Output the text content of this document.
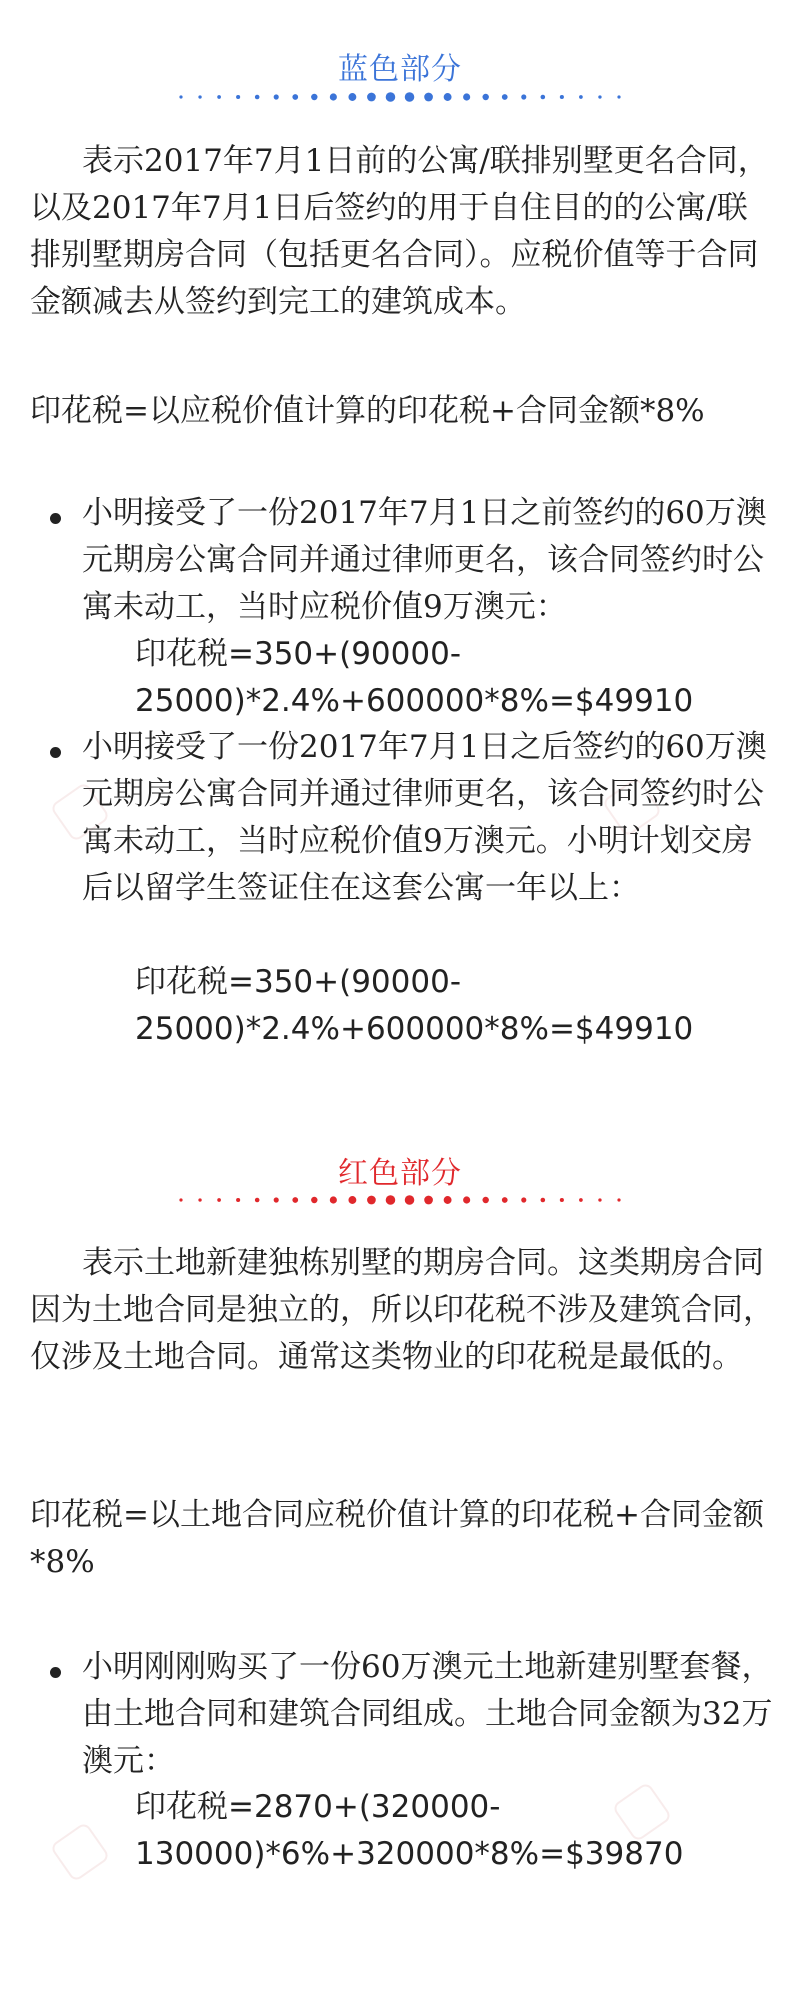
蓝色部分

表示2017年7月1日前的公寓/联排别墅更名合同，以及2017年7月1日后签约的用于自住目的的公寓/联排别墅期房合同（包括更名合同）。应税价值等于合同金额减去从签约到完工的建筑成本。

印花税=以应税价值计算的印花税+合同金额*8%

小明接受了一份2017年7月1日之前签约的60万澳元期房公寓合同并通过律师更名，该合同签约时公寓未动工，当时应税价值9万澳元：
印花税=350+(90000-
25000)*2.4%+600000*8%=$49910
小明接受了一份2017年7月1日之后签约的60万澳元期房公寓合同并通过律师更名，该合同签约时公寓未动工，当时应税价值9万澳元。小明计划交房后以留学生签证住在这套公寓一年以上：
印花税=350+(90000-
25000)*2.4%+600000*8%=$49910
红色部分

表示土地新建独栋别墅的期房合同。这类期房合同因为土地合同是独立的，所以印花税不涉及建筑合同，仅涉及土地合同。通常这类物业的印花税是最低的。

印花税=以土地合同应税价值计算的印花税+合同金额*8%

小明刚刚购买了一份60万澳元土地新建别墅套餐，由土地合同和建筑合同组成。土地合同金额为32万澳元：
印花税=2870+(320000-
130000)*6%+320000*8%=$39870
